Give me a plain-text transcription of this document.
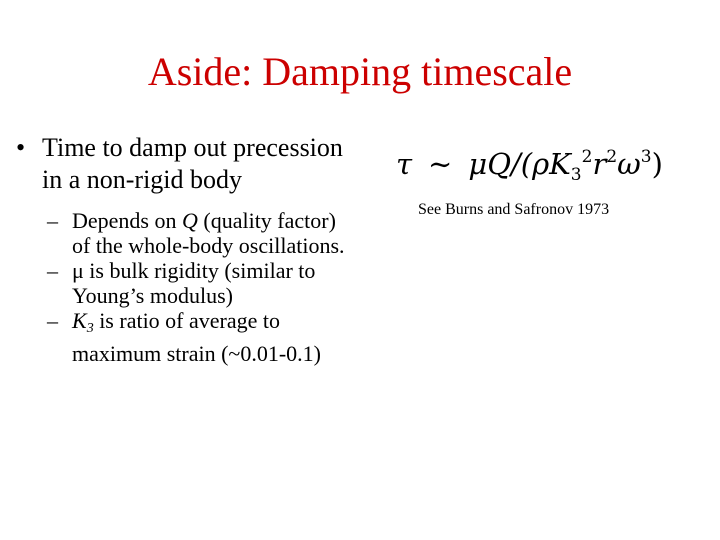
Aside: Damping timescale
• Time to damp out precession in a non-rigid body
– Depends on Q (quality factor) of the whole-body oscillations.
– μ is bulk rigidity (similar to Young’s modulus)
– K3 is ratio of average to maximum strain (~0.01-0.1)
τ ∼ $\mu Q/(\rho K_3^2r^2\omega^3)$
See Burns and Safronov 1973
